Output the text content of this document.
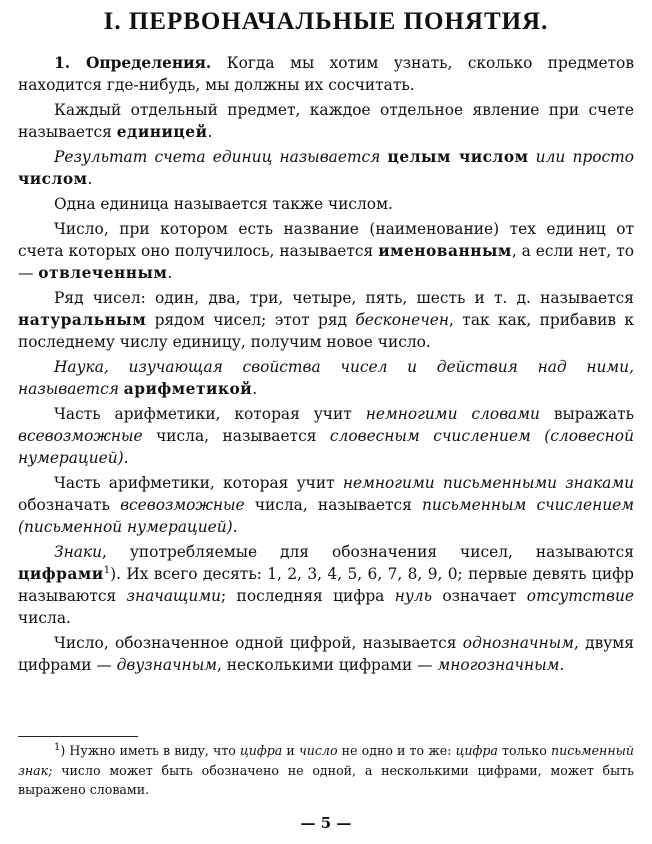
I. ПЕРВОНАЧАЛЬНЫЕ ПОНЯТИЯ.

1. Определения. Когда мы хотим узнать, сколько предметов находится где-нибудь, мы должны их сосчитать.

Каждый отдельный предмет, каждое отдельное явление при счете называется единицей.

Результат счета единиц называется целым числом или просто числом.

Одна единица называется также числом.

Число, при котором есть название (наименование) тех единиц от счета которых оно получилось, называется именованным, а если нет, то — отвлеченным.

Ряд чисел: один, два, три, четыре, пять, шесть и т. д. называется натуральным рядом чисел; этот ряд бесконечен, так как, прибавив к последнему числу единицу, получим новое число.

Наука, изучающая свойства чисел и действия над ними, называется арифметикой.

Часть арифметики, которая учит немногими словами выражать всевозможные числа, называется словесным счислением (словесной нумерацией).

Часть арифметики, которая учит немногими письменными знаками обозначать всевозможные числа, называется письменным счислением (письменной нумерацией).

Знаки, употребляемые для обозначения чисел, называются цифрами$^1$). Их всего десять: 1, 2, 3, 4, 5, 6, 7, 8, 9, 0; первые девять цифр называются значащими; последняя цифра нуль означает отсутствие числа.

Число, обозначенное одной цифрой, называется однозначным, двумя цифрами — двузначным, несколькими цифрами — многозначным.

$^1$) Нужно иметь в виду, что цифра и число не одно и то же: цифра только письменный знак; число может быть обозначено не одной, а несколькими цифрами, может быть выражено словами.

— 5 —
